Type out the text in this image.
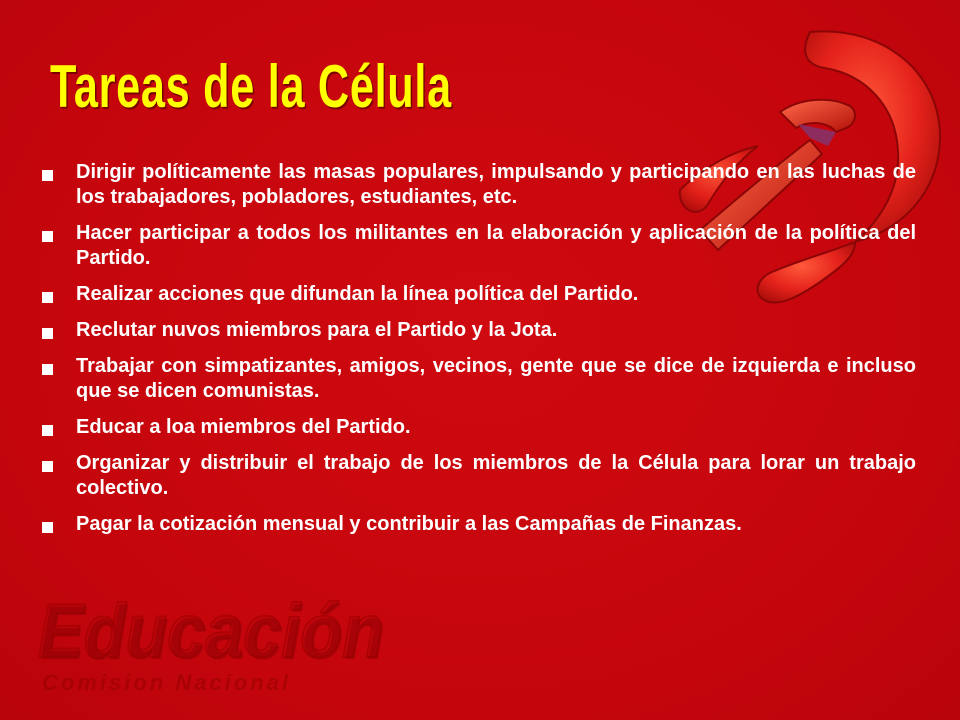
Tareas de la Célula
Dirigir políticamente las masas populares, impulsando y participando en las luchas de los trabajadores, pobladores, estudiantes, etc.
Hacer participar a todos los militantes en la elaboración y aplicación de la política del Partido.
Realizar acciones que difundan la línea política del Partido.
Reclutar nuvos miembros para el Partido y la Jota.
Trabajar con simpatizantes, amigos, vecinos, gente que se dice de izquierda e incluso que se dicen comunistas.
Educar a loa miembros del Partido.
Organizar y distribuir el trabajo de los miembros de la Célula para lorar un trabajo colectivo.
Pagar la cotización mensual y contribuir a las Campañas de Finanzas.
Educación
Comision Nacional
